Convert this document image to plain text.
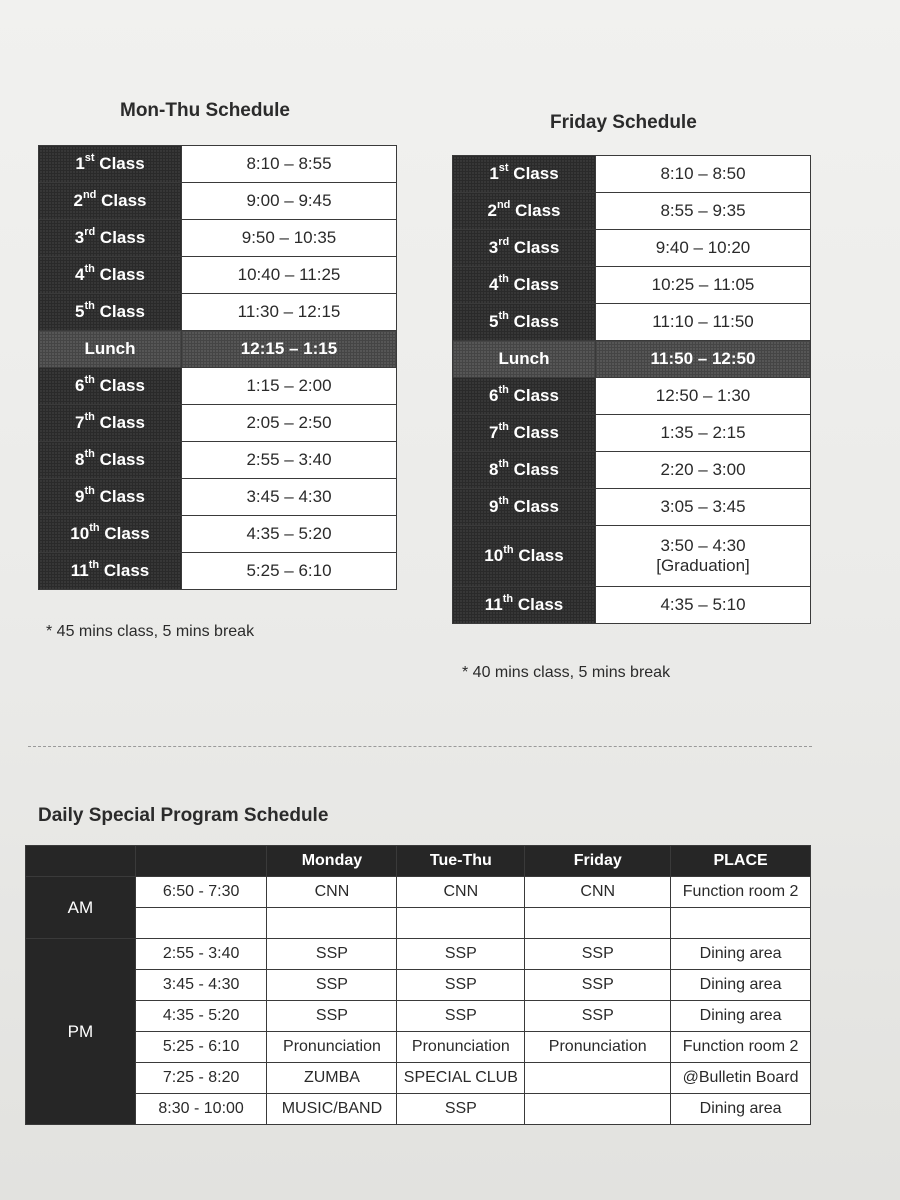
Mon-Thu Schedule
1st Class	8:10 – 8:55

2nd Class	9:00 – 9:45

3rd Class	9:50 – 10:35

4th Class	10:40 – 11:25

5th Class	11:30 – 12:15

Lunch	12:15 – 1:15

6th Class	1:15 – 2:00

7th Class	2:05 – 2:50

8th Class	2:55 – 3:40

9th Class	3:45 – 4:30

10th Class	4:35 – 5:20

11th Class	5:25 – 6:10
* 45 mins class, 5 mins break
Friday Schedule
1st Class	8:10 – 8:50

2nd Class	8:55 – 9:35

3rd Class	9:40 – 10:20

4th Class	10:25 – 11:05

5th Class	11:10 – 11:50

Lunch	11:50 – 12:50

6th Class	12:50 – 1:30

7th Class	1:35 – 2:15

8th Class	2:20 – 3:00

9th Class	3:05 – 3:45

10th Class	3:50 – 4:30
[Graduation]

11th Class	4:35 – 5:10
* 40 mins class, 5 mins break
Daily Special Program Schedule
		Monday	Tue-Thu	Friday	PLACE
AM	6:50 - 7:30	CNN	CNN	CNN	Function room 2

PM	2:55 - 3:40	SSP	SSP	SSP	Dining area
	3:45 - 4:30	SSP	SSP	SSP	Dining area
	4:35 - 5:20	SSP	SSP	SSP	Dining area
	5:25 - 6:10	Pronunciation	Pronunciation	Pronunciation	Function room 2
	7:25 - 8:20	ZUMBA	SPECIAL CLUB		@Bulletin Board
	8:30 - 10:00	MUSIC/BAND	SSP		Dining area
